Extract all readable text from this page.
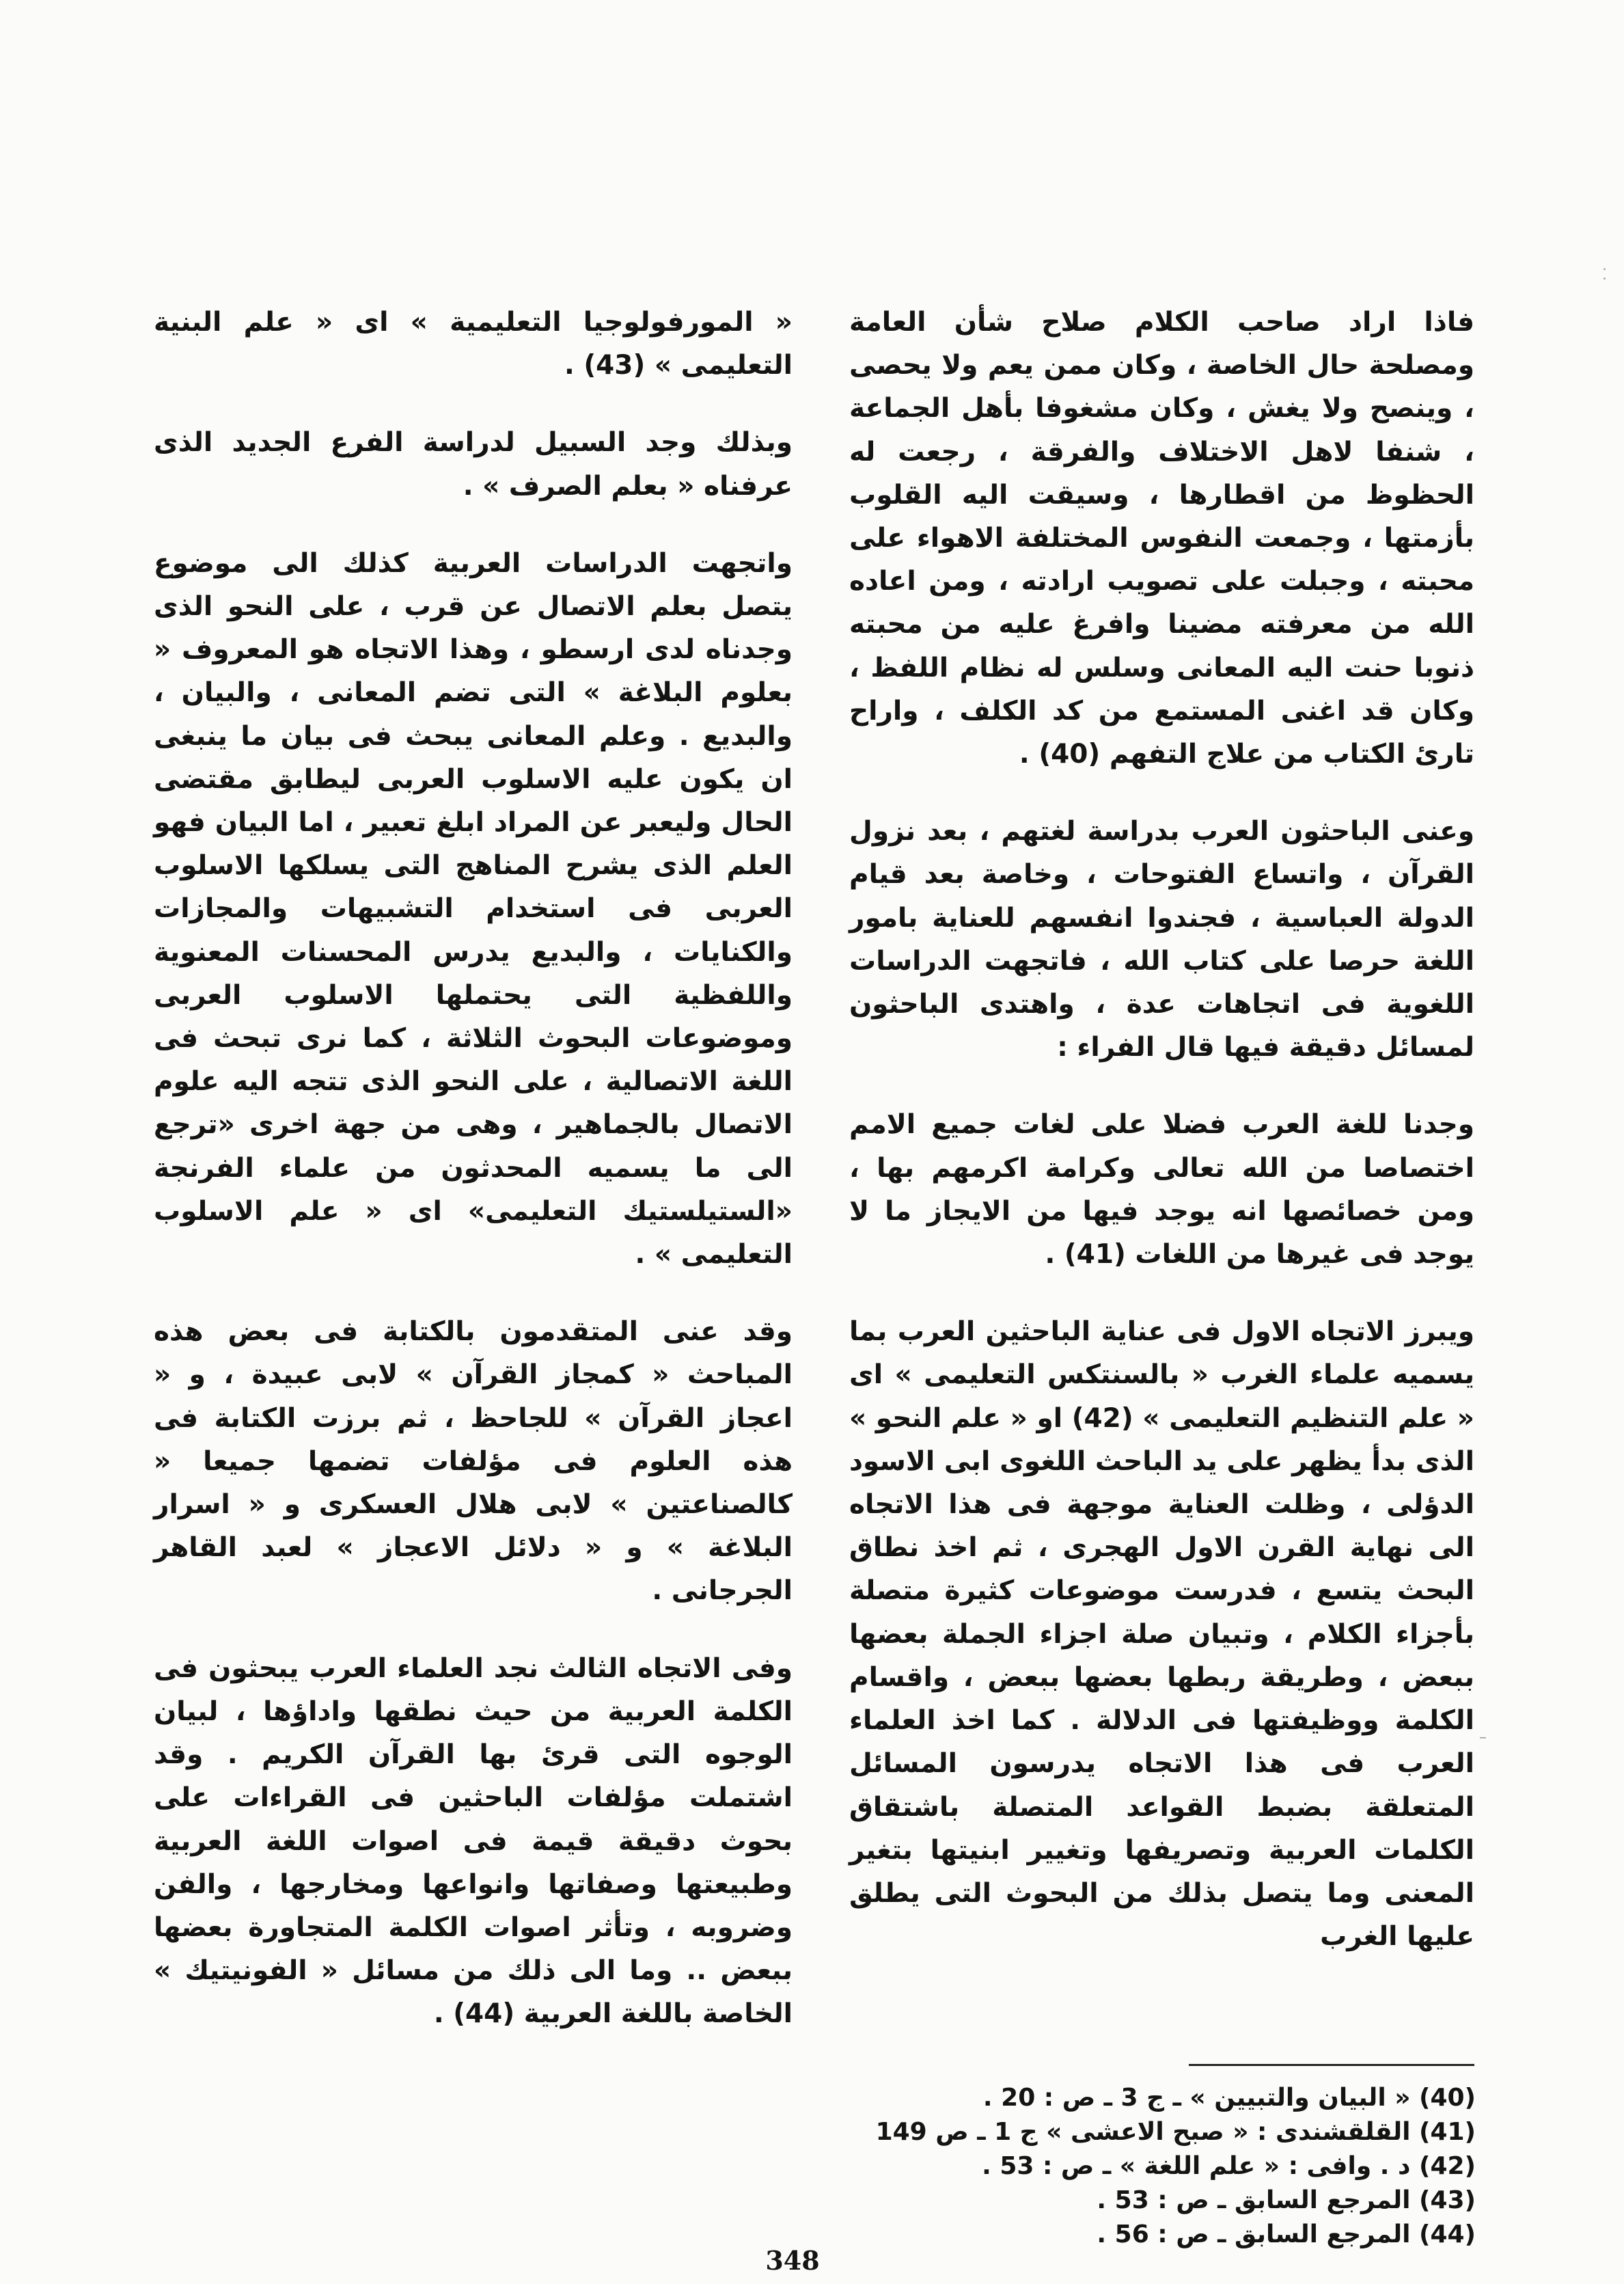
فاذا اراد صاحب الكلام صلاح شأن العامة ومصلحة حال الخاصة ، وكان ممن يعم ولا يحصى ، وينصح ولا يغش ، وكان مشغوفا بأهل الجماعة ، شنفا لاهل الاختلاف والفرقة ، رجعت له الحظوظ من اقطارها ، وسيقت اليه القلوب بأزمتها ، وجمعت النفوس المختلفة الاهواء على محبته ، وجبلت على تصويب ارادته ، ومن اعاده الله من معرفته مضينا وافرغ عليه من محبته ذنوبا حنت اليه المعانى وسلس له نظام اللفظ ، وكان قد اغنى المستمع من كد الكلف ، واراح تارئ الكتاب من علاج التفهم (40) .

وعنى الباحثون العرب بدراسة لغتهم ، بعد نزول القرآن ، واتساع الفتوحات ، وخاصة بعد قيام الدولة العباسية ، فجندوا انفسهم للعناية بامور اللغة حرصا على كتاب الله ، فاتجهت الدراسات اللغوية فى اتجاهات عدة ، واهتدى الباحثون لمسائل دقيقة فيها قال الفراء :

وجدنا للغة العرب فضلا على لغات جميع الامم اختصاصا من الله تعالى وكرامة اكرمهم بها ، ومن خصائصها انه يوجد فيها من الايجاز ما لا يوجد فى غيرها من اللغات (41) .

ويبرز الاتجاه الاول فى عناية الباحثين العرب بما يسميه علماء الغرب « بالسنتكس التعليمى » اى « علم التنظيم التعليمى » (42) او « علم النحو » الذى بدأ يظهر على يد الباحث اللغوى ابى الاسود الدؤلى ، وظلت العناية موجهة فى هذا الاتجاه الى نهاية القرن الاول الهجرى ، ثم اخذ نطاق البحث يتسع ، فدرست موضوعات كثيرة متصلة بأجزاء الكلام ، وتبيان صلة اجزاء الجملة بعضها ببعض ، وطريقة ربطها بعضها ببعض ، واقسام الكلمة ووظيفتها فى الدلالة . كما اخذ العلماء العرب فى هذا الاتجاه يدرسون المسائل المتعلقة بضبط القواعد المتصلة باشتقاق الكلمات العربية وتصريفها وتغيير ابنيتها بتغير المعنى وما يتصل بذلك من البحوث التى يطلق عليها الغرب

« المورفولوجيا التعليمية » اى « علم البنية التعليمى » (43) .

وبذلك وجد السبيل لدراسة الفرع الجديد الذى عرفناه « بعلم الصرف » .

واتجهت الدراسات العربية كذلك الى موضوع يتصل بعلم الاتصال عن قرب ، على النحو الذى وجدناه لدى ارسطو ، وهذا الاتجاه هو المعروف « بعلوم البلاغة » التى تضم المعانى ، والبيان ، والبديع . وعلم المعانى يبحث فى بيان ما ينبغى ان يكون عليه الاسلوب العربى ليطابق مقتضى الحال وليعبر عن المراد ابلغ تعبير ، اما البيان فهو العلم الذى يشرح المناهج التى يسلكها الاسلوب العربى فى استخدام التشبيهات والمجازات والكنايات ، والبديع يدرس المحسنات المعنوية واللفظية التى يحتملها الاسلوب العربى وموضوعات البحوث الثلاثة ، كما نرى تبحث فى اللغة الاتصالية ، على النحو الذى تتجه اليه علوم الاتصال بالجماهير ، وهى من جهة اخرى «ترجع الى ما يسميه المحدثون من علماء الفرنجة «الستيلستيك التعليمى» اى « علم الاسلوب التعليمى » .

وقد عنى المتقدمون بالكتابة فى بعض هذه المباحث « كمجاز القرآن » لابى عبيدة ، و « اعجاز القرآن » للجاحظ ، ثم برزت الكتابة فى هذه العلوم فى مؤلفات تضمها جميعا « كالصناعتين » لابى هلال العسكرى و « اسرار البلاغة » و « دلائل الاعجاز » لعبد القاهر الجرجانى .

وفى الاتجاه الثالث نجد العلماء العرب يبحثون فى الكلمة العربية من حيث نطقها واداؤها ، لبيان الوجوه التى قرئ بها القرآن الكريم . وقد اشتملت مؤلفات الباحثين فى القراءات على بحوث دقيقة قيمة فى اصوات اللغة العربية وطبيعتها وصفاتها وانواعها ومخارجها ، والفن وضروبه ، وتأثر اصوات الكلمة المتجاورة بعضها ببعض .. وما الى ذلك من مسائل « الفونيتيك » الخاصة باللغة العربية (44) .

(40) « البيان والتبيين » ـ ج 3 ـ ص : 20 .
(41) القلقشندى : « صبح الاعشى » ج 1 ـ ص 149
(42) د . وافى : « علم اللغة » ـ ص : 53 .
(43) المرجع السابق ـ ص : 53 .
(44) المرجع السابق ـ ص : 56 .
348
⁚
–
